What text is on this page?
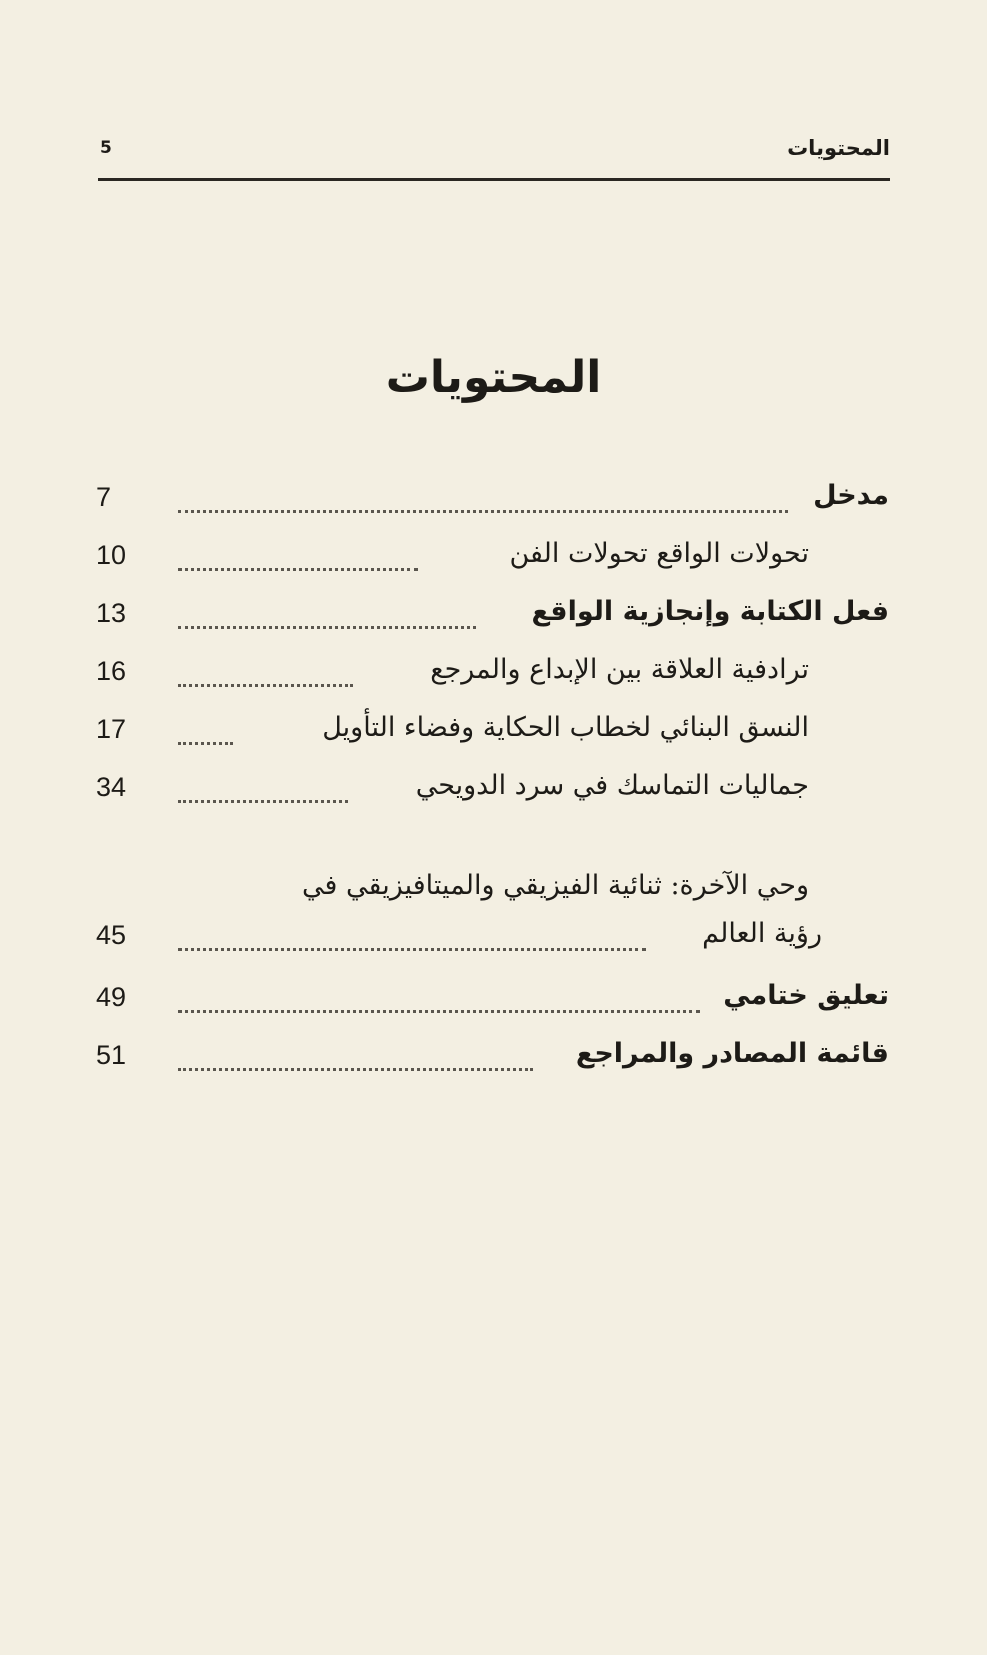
المحتويات
5
المحتويات
7	مدخل
10	تحولات الواقع تحولات الفن
13	فعل الكتابة وإنجازية الواقع
16	ترادفية العلاقة بين الإبداع والمرجع
17	النسق البنائي لخطاب الحكاية وفضاء التأويل
34	جماليات التماسك في سرد الدويحي
وحي الآخرة: ثنائية الفيزيقي والميتافيزيقي في
45	رؤية العالم
49	تعليق ختامي
51	قائمة المصادر والمراجع
